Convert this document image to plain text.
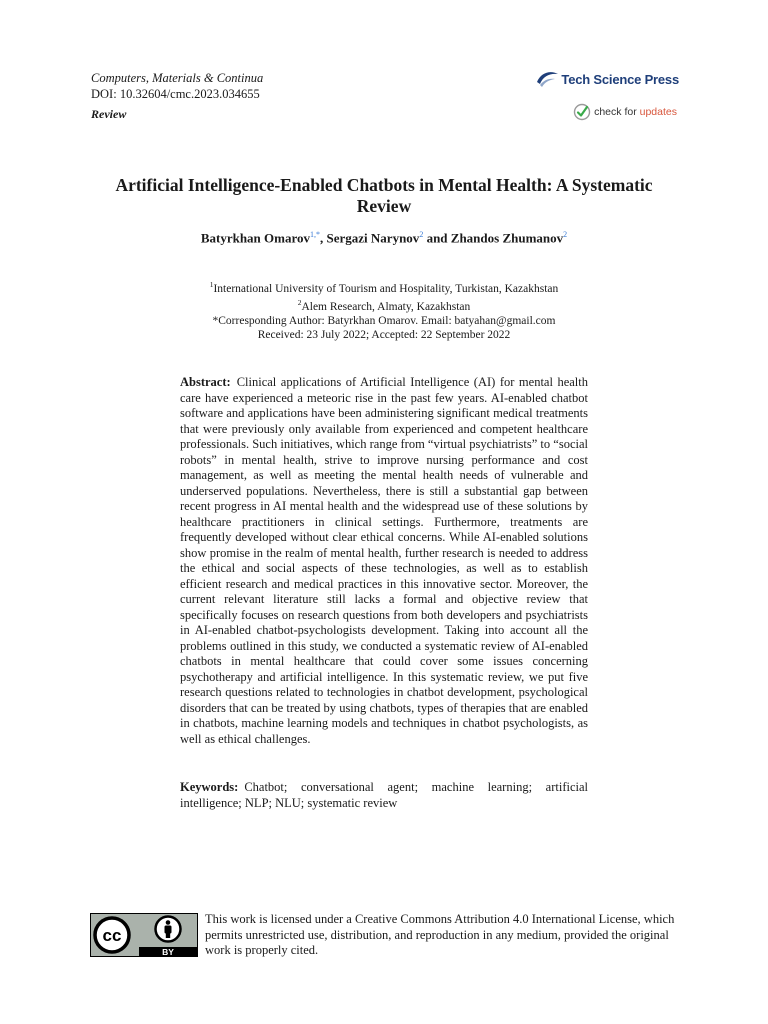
Computers, Materials & Continua
DOI: 10.32604/cmc.2023.034655
Review
Tech Science Press
check for updates
Artificial Intelligence-Enabled Chatbots in Mental Health: A Systematic Review
Batyrkhan Omarov$^{1,*}$, Sergazi Narynov$^2$ and Zhandos Zhumanov$^2$
$^1$International University of Tourism and Hospitality, Turkistan, Kazakhstan
$^2$Alem Research, Almaty, Kazakhstan
*Corresponding Author: Batyrkhan Omarov. Email: batyahan@gmail.com
Received: 23 July 2022; Accepted: 22 September 2022
Abstract: Clinical applications of Artificial Intelligence (AI) for mental health care have experienced a meteoric rise in the past few years. AI-enabled chatbot software and applications have been administering significant medical treatments that were previously only available from experienced and competent healthcare professionals. Such initiatives, which range from “virtual psychiatrists” to “social robots” in mental health, strive to improve nursing performance and cost management, as well as meeting the mental health needs of vulnerable and underserved populations. Nevertheless, there is still a substantial gap between recent progress in AI mental health and the widespread use of these solutions by healthcare practitioners in clinical settings. Furthermore, treatments are frequently developed without clear ethical concerns. While AI-enabled solutions show promise in the realm of mental health, further research is needed to address the ethical and social aspects of these technologies, as well as to establish efficient research and medical practices in this innovative sector. Moreover, the current relevant literature still lacks a formal and objective review that specifically focuses on research questions from both developers and psychiatrists in AI-enabled chatbot-psychologists development. Taking into account all the problems outlined in this study, we conducted a systematic review of AI-enabled chatbots in mental healthcare that could cover some issues concerning psychotherapy and artificial intelligence. In this systematic review, we put five research questions related to technologies in chatbot development, psychological disorders that can be treated by using chatbots, types of therapies that are enabled in chatbots, machine learning models and techniques in chatbot psychologists, as well as ethical challenges.
Keywords: Chatbot; conversational agent; machine learning; artificial intelligence; NLP; NLU; systematic review
cc
BY
This work is licensed under a Creative Commons Attribution 4.0 International License, which permits unrestricted use, distribution, and reproduction in any medium, provided the original work is properly cited.
